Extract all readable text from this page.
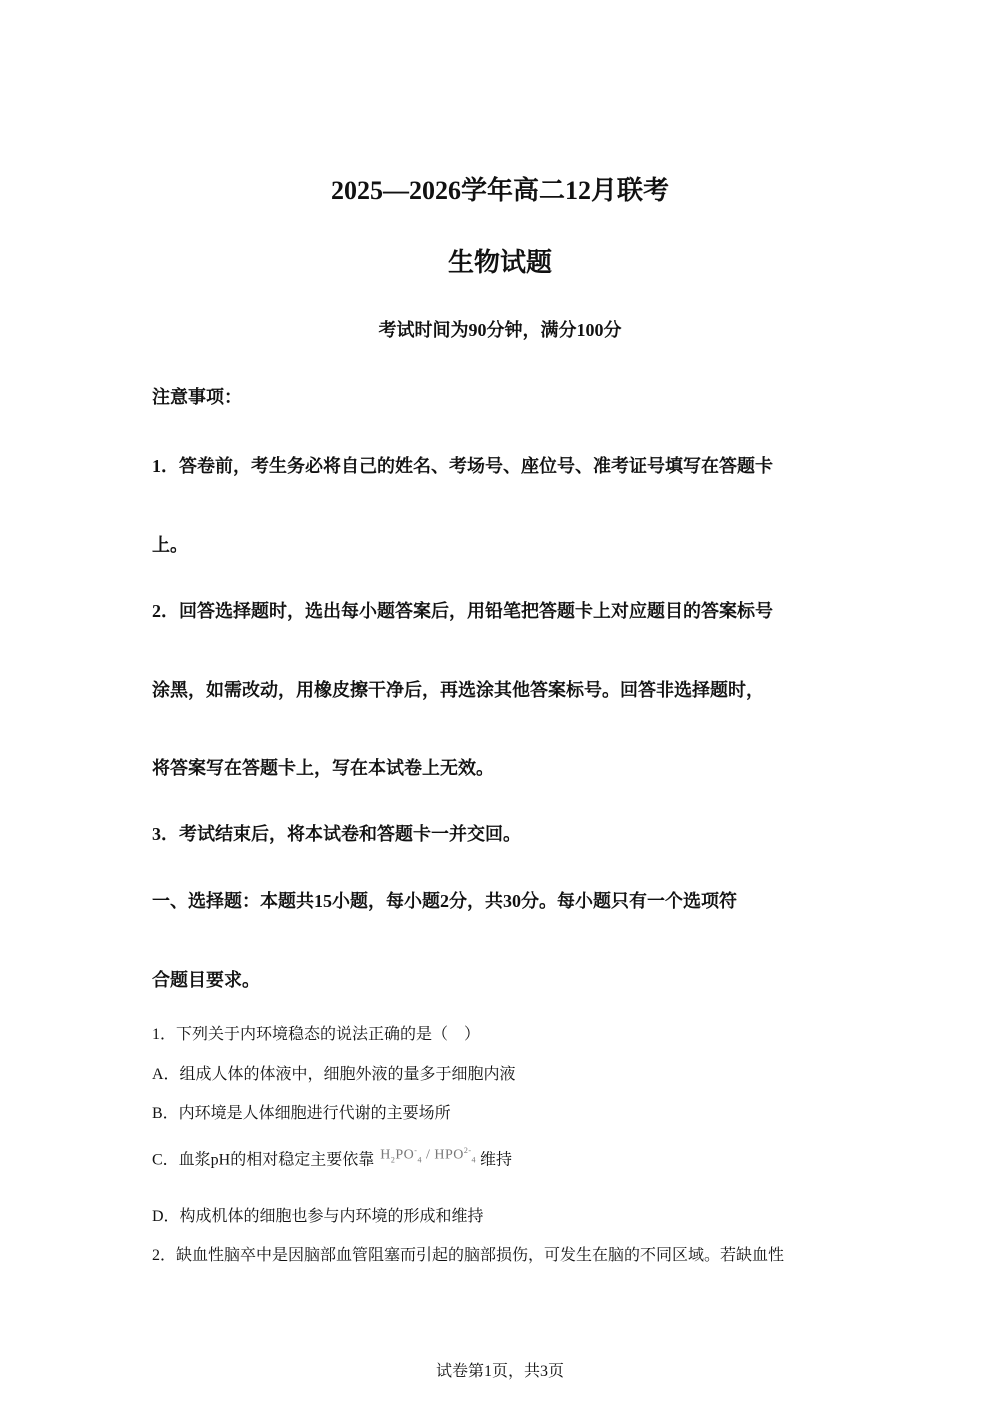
2025—2026学年高二12月联考
生物试题
考试时间为90分钟，满分100分
注意事项：
1．答卷前，考生务必将自己的姓名、考场号、座位号、准考证号填写在答题卡
上。
2．回答选择题时，选出每小题答案后，用铅笔把答题卡上对应题目的答案标号
涂黑，如需改动，用橡皮擦干净后，再选涂其他答案标号。回答非选择题时，
将答案写在答题卡上，写在本试卷上无效。
3．考试结束后，将本试卷和答题卡一并交回。
一、选择题：本题共15小题，每小题2分，共30分。每小题只有一个选项符
合题目要求。
1．下列关于内环境稳态的说法正确的是（　）
A．组成人体的体液中，细胞外液的量多于细胞内液
B．内环境是人体细胞进行代谢的主要场所
C．血浆pH的相对稳定主要依靠 $H_2PO^-_4 / HPO^{2-}_4$ 维持
D．构成机体的细胞也参与内环境的形成和维持
2．缺血性脑卒中是因脑部血管阻塞而引起的脑部损伤，可发生在脑的不同区域。若缺血性
试卷第1页，共3页
